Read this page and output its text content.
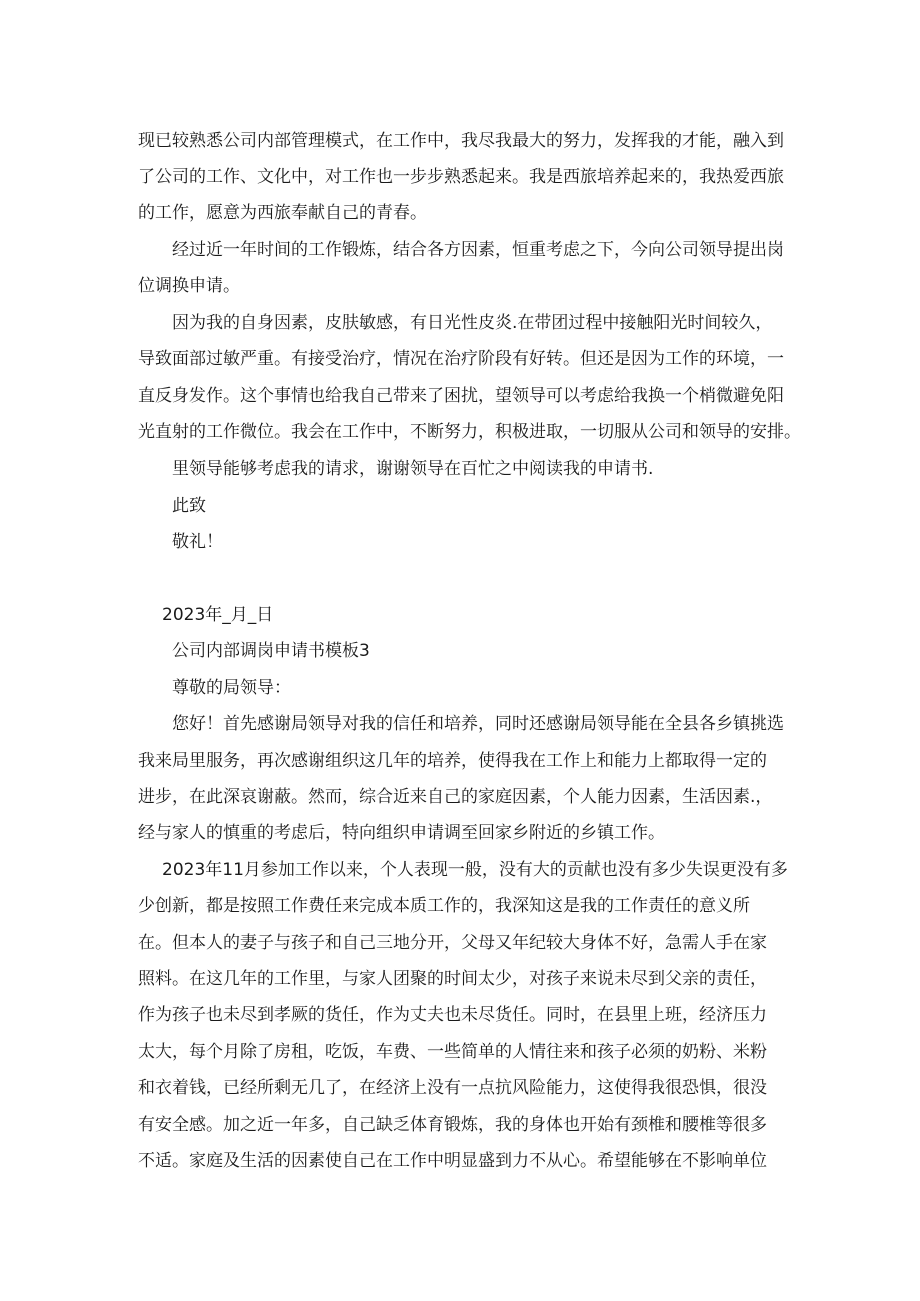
现已较熟悉公司内部管理模式，在工作中，我尽我最大的努力，发挥我的才能，融入到

了公司的工作、文化中，对工作也一步步熟悉起来。我是西旅培养起来的，我热爱西旅

的工作，愿意为西旅奉献自己的青春。

经过近一年时间的工作锻炼，结合各方因素，恒重考虑之下，今向公司领导提出岗

位调换申请。

因为我的自身因素，皮肤敏感，有日光性皮炎.在带团过程中接触阳光时间较久，

导致面部过敏严重。有接受治疗，情况在治疗阶段有好转。但还是因为工作的环境，一

直反身发作。这个事情也给我自己带来了困扰，望领导可以考虑给我换一个梢微避免阳

光直射的工作微位。我会在工作中，不断努力，积极进取，一切服从公司和领导的安排。

里领导能够考虑我的请求，谢谢领导在百忙之中阅读我的申请书.

此致

敬礼！

2023年_月_日

公司内部调岗申请书模板3

尊敬的局领导：

您好！首先感谢局领导对我的信任和培养，同时还感谢局领导能在全县各乡镇挑选

我来局里服务，再次感谢组织这几年的培养，使得我在工作上和能力上都取得一定的

进步，在此深哀谢蔽。然而，综合近来自己的家庭因素，个人能力因素，生活因素.，

经与家人的慎重的考虑后，特向组织申请调至回家乡附近的乡镇工作。

2023年11月参加工作以来，个人表现一般，没有大的贡献也没有多少失误更没有多

少创新，都是按照工作费任来完成本质工作的，我深知这是我的工作责任的意义所

在。但本人的妻子与孩子和自己三地分开，父母又年纪较大身体不好，急需人手在家

照料。在这几年的工作里，与家人团聚的时间太少，对孩子来说未尽到父亲的责任，

作为孩子也未尽到孝厥的货任，作为丈夫也未尽货任。同时，在县里上班，经济压力

太大，每个月除了房租，吃饭，车费、一些简单的人情往来和孩子必须的奶粉、米粉

和衣着钱，已经所剩无几了，在经济上没有一点抗风险能力，这使得我很恐惧，很没

有安全感。加之近一年多，自己缺乏体育锻炼，我的身体也开始有颈椎和腰椎等很多

不适。家庭及生活的因素使自己在工作中明显盛到力不从心。希望能够在不影响单位
